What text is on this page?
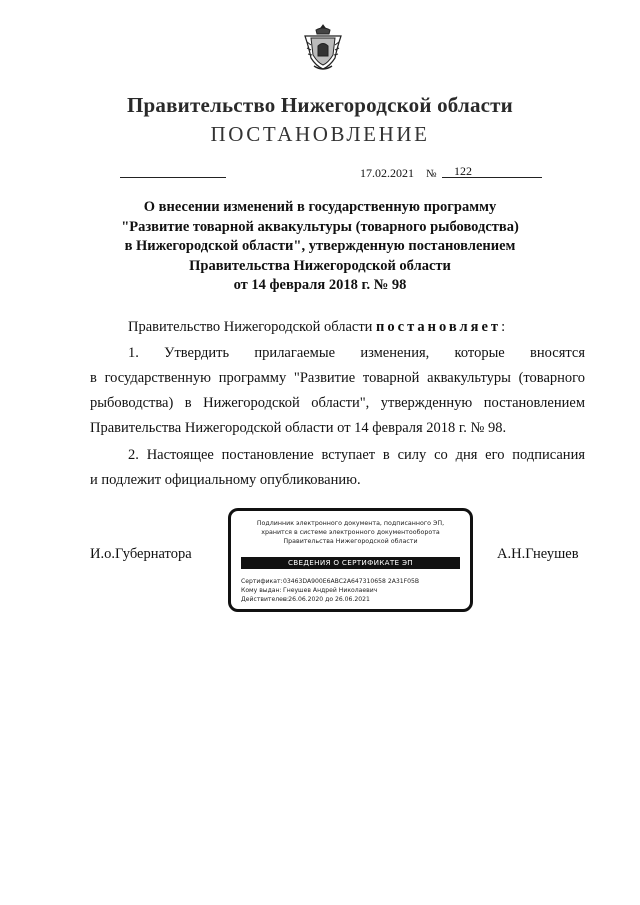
Правительство Нижегородской области
ПОСТАНОВЛЕНИЕ
17.02.2021 № 122
О внесении изменений в государственную программу
"Развитие товарной аквакультуры (товарного рыбоводства)
в Нижегородской области", утвержденную постановлением
Правительства Нижегородской области
от 14 февраля 2018 г. № 98
Правительство Нижегородской области постановляет:
1. Утвердить прилагаемые изменения, которые вносятся
в государственную программу "Развитие товарной аквакультуры (товарного
рыбоводства) в Нижегородской области", утвержденную постановлением
Правительства Нижегородской области от 14 февраля 2018 г. № 98.
2. Настоящее постановление вступает в силу со дня его подписания
и подлежит официальному опубликованию.
И.о.Губернатора	А.Н.Гнеушев
Подлинник электронного документа, подписанного ЭП,
хранится в системе электронного документооборота
Правительства Нижегородской области
СВЕДЕНИЯ О СЕРТИФИКАТЕ ЭП
Сертификат:03463DA900E6ABC2A647310658 2A31F05B
Кому выдан:Гнеушев Андрей Николаевич
Действителен:с 26.06.2020 до 26.06.2021
